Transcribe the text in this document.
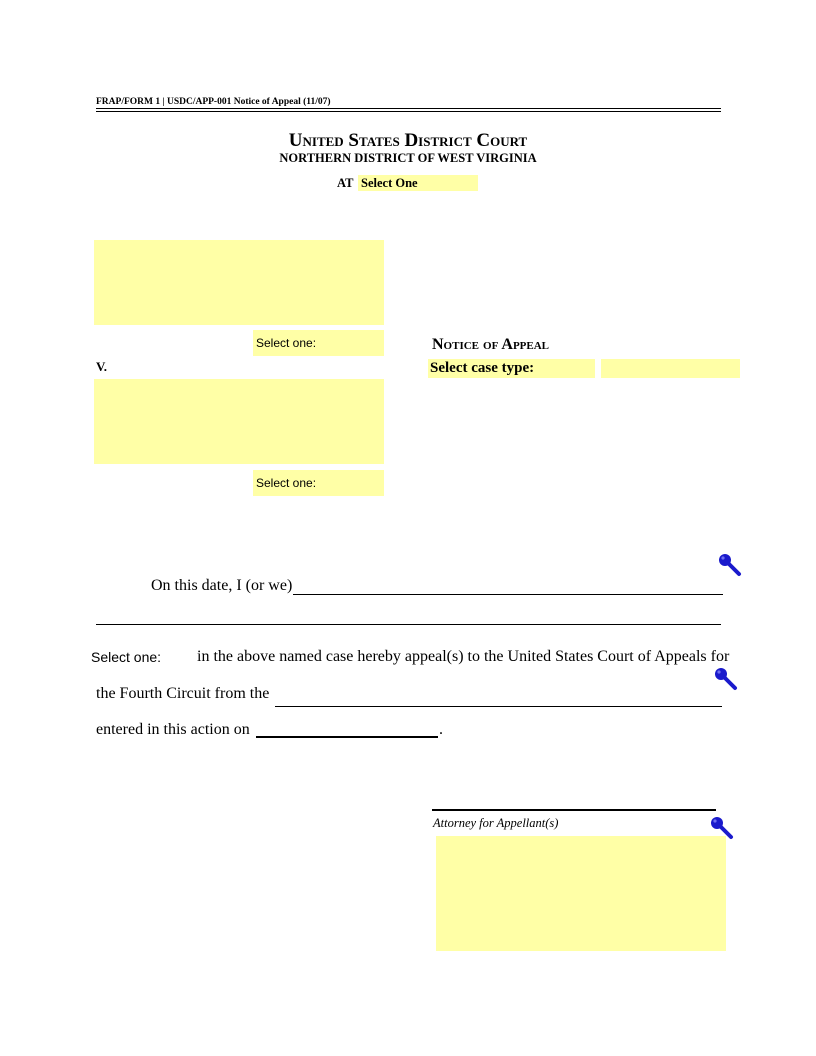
FRAP/FORM 1 | USDC/APP-001 Notice of Appeal (11/07)
United States District Court
NORTHERN DISTRICT OF WEST VIRGINIA
AT Select One
Select one:
V.
Select one:
Notice of Appeal
Select case type:
On this date, I (or we)
Select one: in the above named case hereby appeal(s) to the United States Court of Appeals for
the Fourth Circuit from the
entered in this action on	.
Attorney for Appellant(s)
